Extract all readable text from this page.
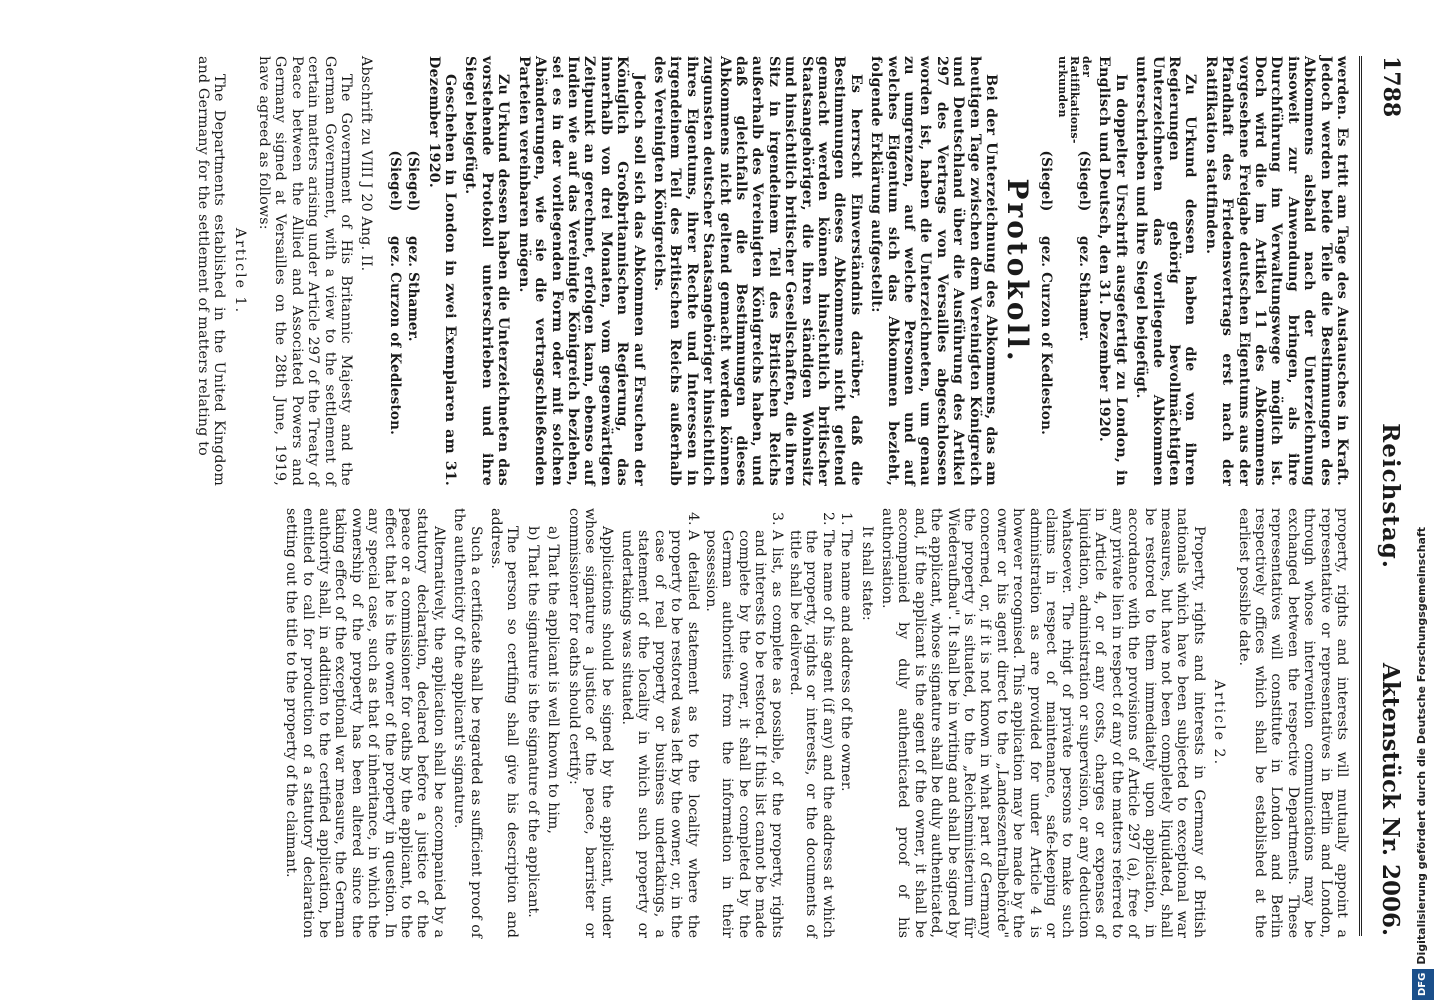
1788
Reichstag.
Aktenstück Nr. 2006.

werden. Es tritt am Tage des Austausches in Kraft. Jedoch werden beide Teile die Bestimmungen des Abkommens alsbald nach der Unterzeichnung insoweit zur Anwendung bringen, als ihre Durchführung im Verwaltungswege möglich ist. Doch wird die im Artikel 11 des Abkommens vorgesehene Freigabe deutschen Eigentums aus der Pfandhaft des Friedensvertrags erst nach der Ratifikation stattfinden.

Zu Urkund dessen haben die von ihren Regierungen gehörig bevollmächtigten Unterzeichneten das vorliegende Abkommen unterschrieben und ihre Siegel beigefügt.

In doppelter Urschrift ausgefertigt zu London, in Englisch und Deutsch, den 31. Dezember 1920.

der Ratifikations-urkunden
(Siegel)
gez. Sthamer.
(Siegel)
gez. Curzon of Kedleston.
Protokoll.

Bei der Unterzeichnung des Abkommens, das am heutigen Tage zwischen dem Vereinigten Königreich und Deutschland über die Ausführung des Artikel 297 des Vertrags von Versailles abgeschlossen worden ist, haben die Unterzeichneten, um genau zu umgrenzen, auf welche Personen und auf welches Eigentum sich das Abkommen bezieht, folgende Erklärung aufgestellt:

Es herrscht Einverständnis darüber, daß die Bestimmungen dieses Abkommens nicht geltend gemacht werden können hinsichtlich britischer Staatsangehöriger, die ihren ständigen Wohnsitz und hinsichtlich britischer Gesellschaften, die ihren Sitz in irgendeinem Teil des Britischen Reichs außerhalb des Vereinigten Königreichs haben, und daß gleichfalls die Bestimmungen dieses Abkommens nicht geltend gemacht werden können zugunsten deutscher Staatsangehöriger hinsichtlich ihres Eigentums, ihrer Rechte und Interessen in irgendeinem Teil des Britischen Reichs außerhalb des Vereinigten Königreichs.

Jedoch soll sich das Abkommen auf Ersuchen der Königlich Großbritannischen Regierung, das innerhalb von drei Monaten, vom gegenwärtigen Zeitpunkt an gerechnet, erfolgen kann, ebenso auf Indien wie auf das Vereinigte Königreich beziehen, sei es in der vorliegenden Form oder mit solchen Abänderungen, wie sie die vertragschließenden Parteien vereinbaren mögen.

Zu Urkund dessen haben die Unterzeichneten das vorstehende Protokoll unterschrieben und ihre Siegel beigefügt.

Geschehen in London in zwei Exemplaren am 31. Dezember 1920.

(Siegel)
gez. Sthamer.
(Siegel)
gez. Curzon of Kedleston.

Abschrift zu VIII J 20 Ang. II.

The Government of His Britannic Majesty and the German Government, with a view to the settlement of certain matters arising under Article 297 of the Treaty of Peace between the Allied and Associated Powers and Germany signed at Versailles on the 28th June, 1919, have agreed as follows:

Article 1.

The Departments established in the United Kingdom and Germany for the settlement of matters relating to

property, rights and interests will mutually appoint a representative or representatives in Berlin and London, through whose intervention communications may be exchanged between the respective Departments. These representatives will constitute in London and Berlin respectively offices which shall be established at the earliest possible date.

Article 2.

Property, rights and interests in Germany of British nationals which have been subjected to exceptional war measures, but have not been completely liquidated, shall be restored to them immediately upon application, in accordance with the provisions of Article 297 (a), free of any private lien in respect of any of the matters referred to in Article 4, or of any costs, charges or expenses of liquidation, administration or supervision, or any deduction whatsoever. The rhigt of private persons to make such claims in respect of maintenance, safe-keeping or administration as are provided for under Article 4 is however recognised. This application may be made by the owner or his agent direct to the „Landeszentralbehörde" concerned, or, if it is not known in what part of Germany the property is situated, to the „Reichsministerium für Wiederaufbau". It shall be in writing and shall be signed by the applicant, whose signature shall be duly authenticated, and, if the applicant is the agent of the owner, it shall be accompanied by duly authenticated proof of his authorisation.

It shall state:

1. The name and address of the owner.
2. The name of his agent (if any) and the address at which the property, rights or interests, or the documents of title shall be delivered.
3. A list, as complete as possible, of the property, rights and interests to be restored. If this list cannot be made complete by the owner, it shall be completed by the German authorities from the information in their possession.
4. A detailed statement as to the locality where the property to be restored was left by the owner, or, in the case of real property or business undertakings, a statement of the locality in which such property or undertakings was situated.

Applications should be signed by the applicant, under whose signature a justice of the peace, barrister or commissioner for oaths should certify:

a) That the applicant is well known to him,

b) That the signature is the signature of the applicant.

The person so certifing shall give his description and address.

Such a certificate shall be regarded as sufficient proof of the authenticity of the applicant's signature.

Alternatively, the application shall be accompanied by a statutory declaration, declared before a justice of the peace or a commissioner for oaths by the applicant, to the effect that he is the owner of the property in question. In any special case, such as that of inheritance, in which the ownership of the property has been altered since the taking effect of the exceptional war measure, the German authority shall, in addition to the certified application, be entitled to call for production of a statutory declaration setting out the title to the property of the claimant.

DFGDigitalisierung gefördert durch die Deutsche Forschungsgemeinschaft
